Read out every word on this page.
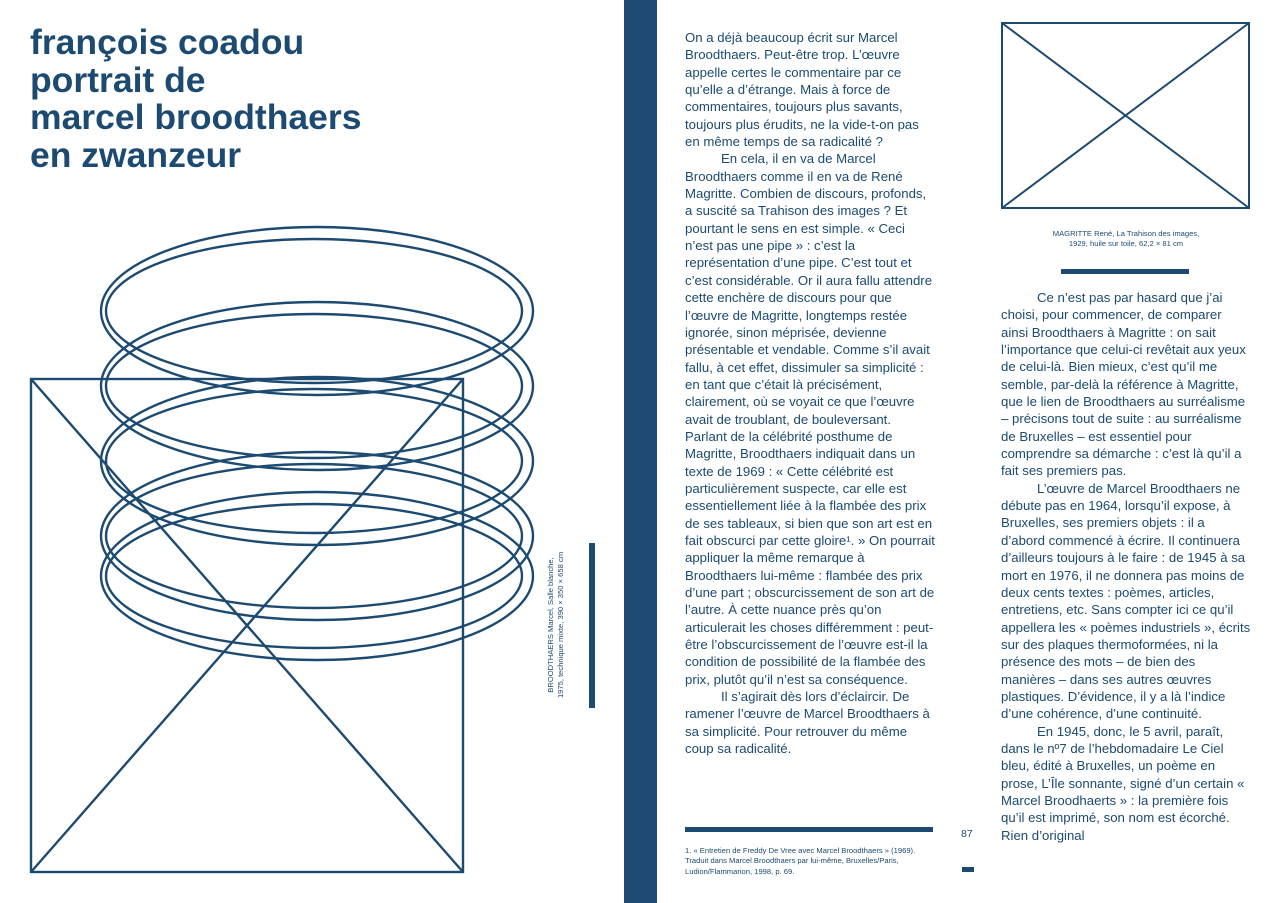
françois coadou
portrait de
marcel broodthaers
en zwanzeur
BROODTHAERS Marcel, Salle blanche, 1975, technique mixte, 390 × 350 × 658 cm

On a déjà beaucoup écrit sur Marcel Broodthaers. Peut-être trop. L’œuvre appelle certes le commentaire par ce qu’elle a d’étrange. Mais à force de commentaires, toujours plus savants, toujours plus érudits, ne la vide-t-on pas en même temps de sa radicalité ?

En cela, il en va de Marcel Broodthaers comme il en va de René Magritte. Combien de discours, profonds, a suscité sa Trahison des images ? Et pourtant le sens en est simple. « Ceci n’est pas une pipe » : c’est la représentation d’une pipe. C’est tout et c’est considérable. Or il aura fallu attendre cette enchère de discours pour que l’œuvre de Magritte, longtemps restée ignorée, sinon méprisée, devienne présentable et vendable. Comme s’il avait fallu, à cet effet, dissimuler sa simplicité : en tant que c’était là précisément, clairement, où se voyait ce que l’œuvre avait de troublant, de bouleversant. Parlant de la célébrité posthume de Magritte, Broodthaers indiquait dans un texte de 1969 : « Cette célébrité est particulièrement suspecte, car elle est essentiellement liée à la flambée des prix de ses tableaux, si bien que son art est en fait obscurci par cette gloire¹. » On pourrait appliquer la même remarque à Broodthaers lui-même : flambée des prix d’une part ; obscurcissement de son art de l’autre. À cette nuance près qu’on articulerait les choses différemment : peut-être l’obscurcissement de l’œuvre est-il la condition de possibilité de la flambée des prix, plutôt qu’il n’est sa conséquence.

Il s’agirait dès lors d’éclaircir. De ramener l’œuvre de Marcel Broodthaers à sa simplicité. Pour retrouver du même coup sa radicalité.

1. « Entretien de Freddy De Vree avec Marcel Broodthaers » (1969). Traduit dans Marcel Broodthaers par lui-même, Bruxelles/Paris, Ludion/Flammarion, 1998, p. 69.

87
MAGRITTE René, La Trahison des images,
1929, huile sur toile, 62,2 × 81 cm

Ce n’est pas par hasard que j’ai choisi, pour commencer, de comparer ainsi Broodthaers à Magritte : on sait l’importance que celui-ci revêtait aux yeux de celui-là. Bien mieux, c’est qu’il me semble, par-delà la référence à Magritte, que le lien de Broodthaers au surréalisme – précisons tout de suite : au surréalisme de Bruxelles – est essentiel pour comprendre sa démarche : c’est là qu’il a fait ses premiers pas.

L’œuvre de Marcel Broodthaers ne débute pas en 1964, lorsqu’il expose, à Bruxelles, ses premiers objets : il a d’abord commencé à écrire. Il continuera d’ailleurs toujours à le faire : de 1945 à sa mort en 1976, il ne donnera pas moins de deux cents textes : poèmes, articles, entretiens, etc. Sans compter ici ce qu’il appellera les « poèmes industriels », écrits sur des plaques thermoformées, ni la présence des mots – de bien des manières – dans ses autres œuvres plastiques. D’évidence, il y a là l’indice d’une cohérence, d’une continuité.

En 1945, donc, le 5 avril, paraît, dans le nº7 de l’hebdomadaire Le Ciel bleu, édité à Bruxelles, un poème en prose, L’Île sonnante, signé d’un certain « Marcel Broodhaerts » : la première fois qu’il est imprimé, son nom est écorché. Rien d’original
